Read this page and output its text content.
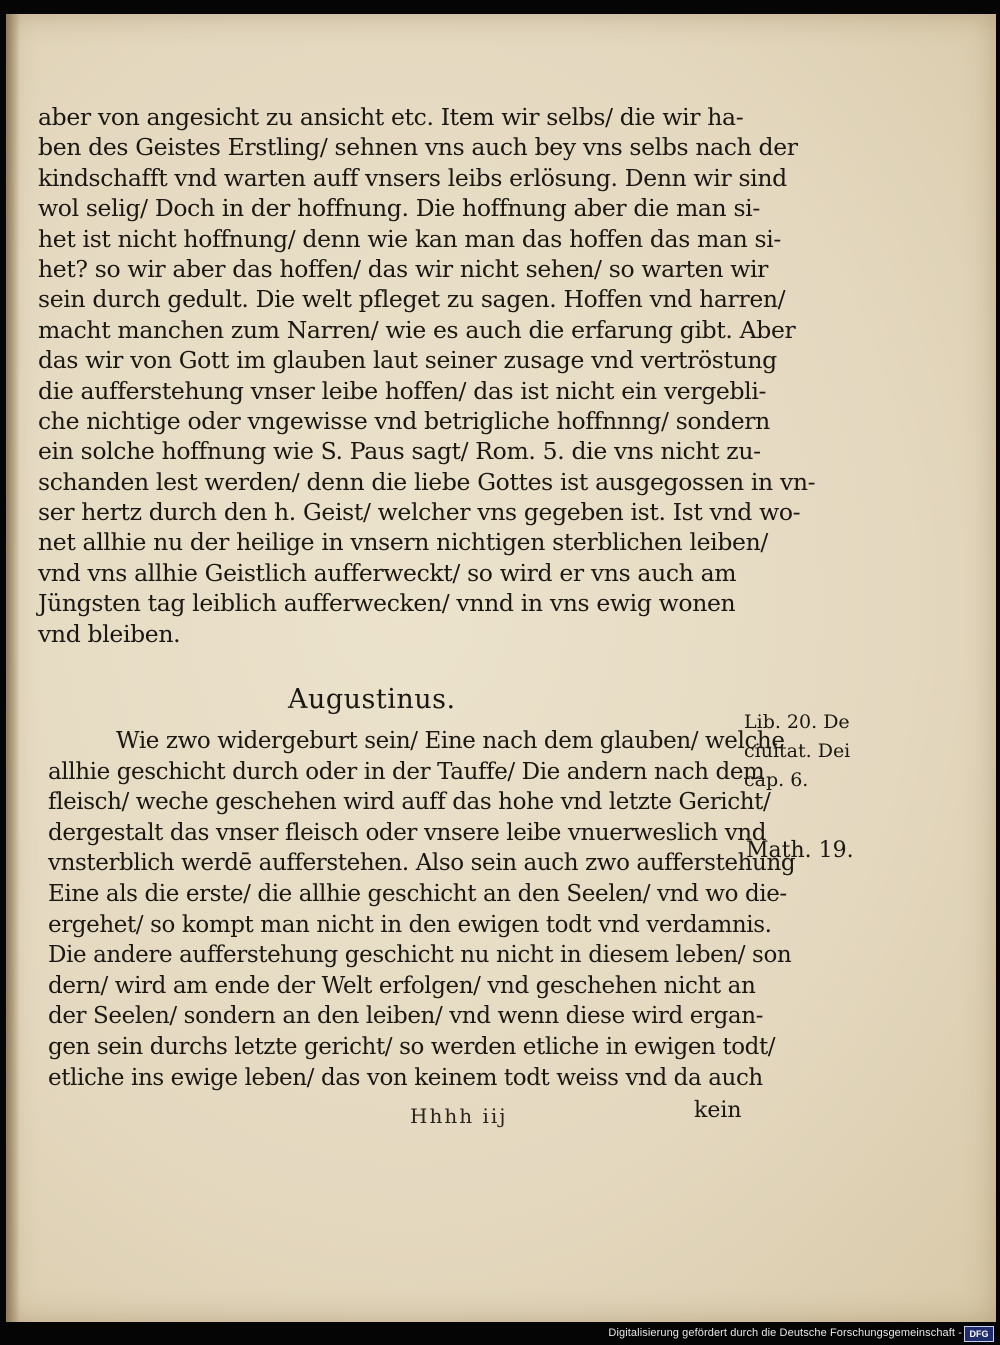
aber von angesicht zu ansicht etc. Item wir selbs/ die wir ha-
ben des Geistes Erstling/ sehnen vns auch bey vns selbs nach der
kindschafft vnd warten auff vnsers leibs erlösung. Denn wir sind
wol selig/ Doch in der hoffnung. Die hoffnung aber die man si-
het ist nicht hoffnung/ denn wie kan man das hoffen das man si-
het? so wir aber das hoffen/ das wir nicht sehen/ so warten wir
sein durch gedult. Die welt pfleget zu sagen. Hoffen vnd harren/
macht manchen zum Narren/ wie es auch die erfarung gibt. Aber
das wir von Gott im glauben laut seiner zusage vnd vertröstung
die aufferstehung vnser leibe hoffen/ das ist nicht ein vergebli-
che nichtige oder vngewisse vnd betrigliche hoffnnng/ sondern
ein solche hoffnung wie S. Paus sagt/ Rom. 5. die vns nicht zu-
schanden lest werden/ denn die liebe Gottes ist ausgegossen in vn-
ser hertz durch den h. Geist/ welcher vns gegeben ist. Ist vnd wo-
net allhie nu der heilige in vnsern nichtigen sterblichen leiben/
vnd vns allhie Geistlich aufferweckt/ so wird er vns auch am
Jüngsten tag leiblich aufferwecken/ vnnd in vns ewig wonen
vnd bleiben.
Augustinus.
Wie zwo widergeburt sein/ Eine nach dem glauben/ welche
allhie geschicht durch oder in der Tauffe/ Die andern nach dem
fleisch/ weche geschehen wird auff das hohe vnd letzte Gericht/
dergestalt das vnser fleisch oder vnsere leibe vnuerweslich vnd
vnsterblich werdē aufferstehen. Also sein auch zwo aufferstehung
Eine als die erste/ die allhie geschicht an den Seelen/ vnd wo die-
ergehet/ so kompt man nicht in den ewigen todt vnd verdamnis.
Die andere aufferstehung geschicht nu nicht in diesem leben/ son
dern/ wird am ende der Welt erfolgen/ vnd geschehen nicht an
der Seelen/ sondern an den leiben/ vnd wenn diese wird ergan-
gen sein durchs letzte gericht/ so werden etliche in ewigen todt/
etliche ins ewige leben/ das von keinem todt weiss vnd da auch
Lib. 20. De
ciuitat. Dei
cap. 6.
Math. 19.
Hhhh iij	kein
Digitalisierung gefördert durch die Deutsche Forschungsgemeinschaft - DFG
